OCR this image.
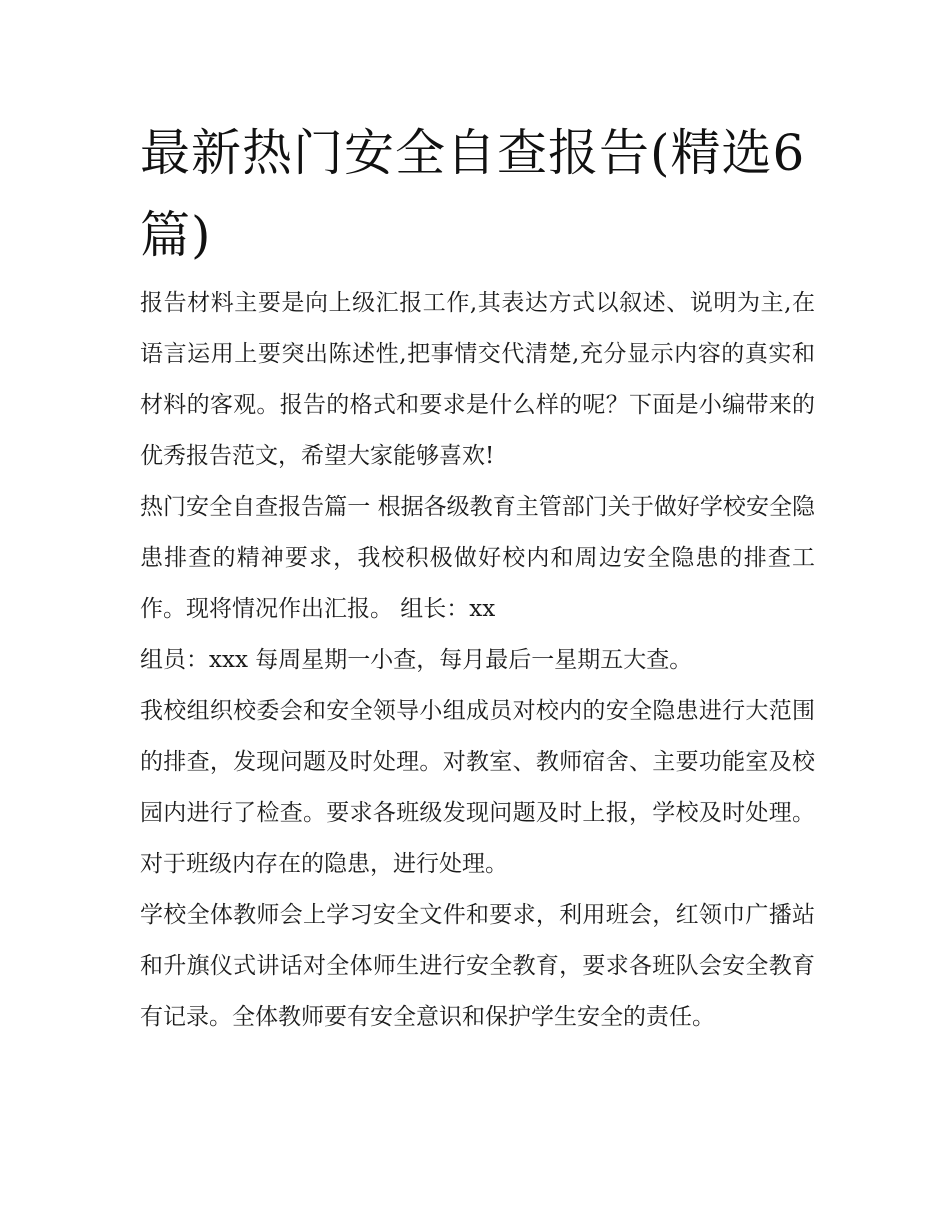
最新热门安全自查报告(精选6篇)

报告材料主要是向上级汇报工作,其表达方式以叙述、说明为主,在语言运用上要突出陈述性,把事情交代清楚,充分显示内容的真实和材料的客观。报告的格式和要求是什么样的呢？下面是小编带来的优秀报告范文，希望大家能够喜欢!

热门安全自查报告篇一 根据各级教育主管部门关于做好学校安全隐患排查的精神要求，我校积极做好校内和周边安全隐患的排查工作。现将情况作出汇报。 组长：xx

组员：xxx 每周星期一小查，每月最后一星期五大查。

我校组织校委会和安全领导小组成员对校内的安全隐患进行大范围的排查，发现问题及时处理。对教室、教师宿舍、主要功能室及校园内进行了检查。要求各班级发现问题及时上报，学校及时处理。对于班级内存在的隐患，进行处理。

学校全体教师会上学习安全文件和要求，利用班会，红领巾广播站和升旗仪式讲话对全体师生进行安全教育，要求各班队会安全教育有记录。全体教师要有安全意识和保护学生安全的责任。
